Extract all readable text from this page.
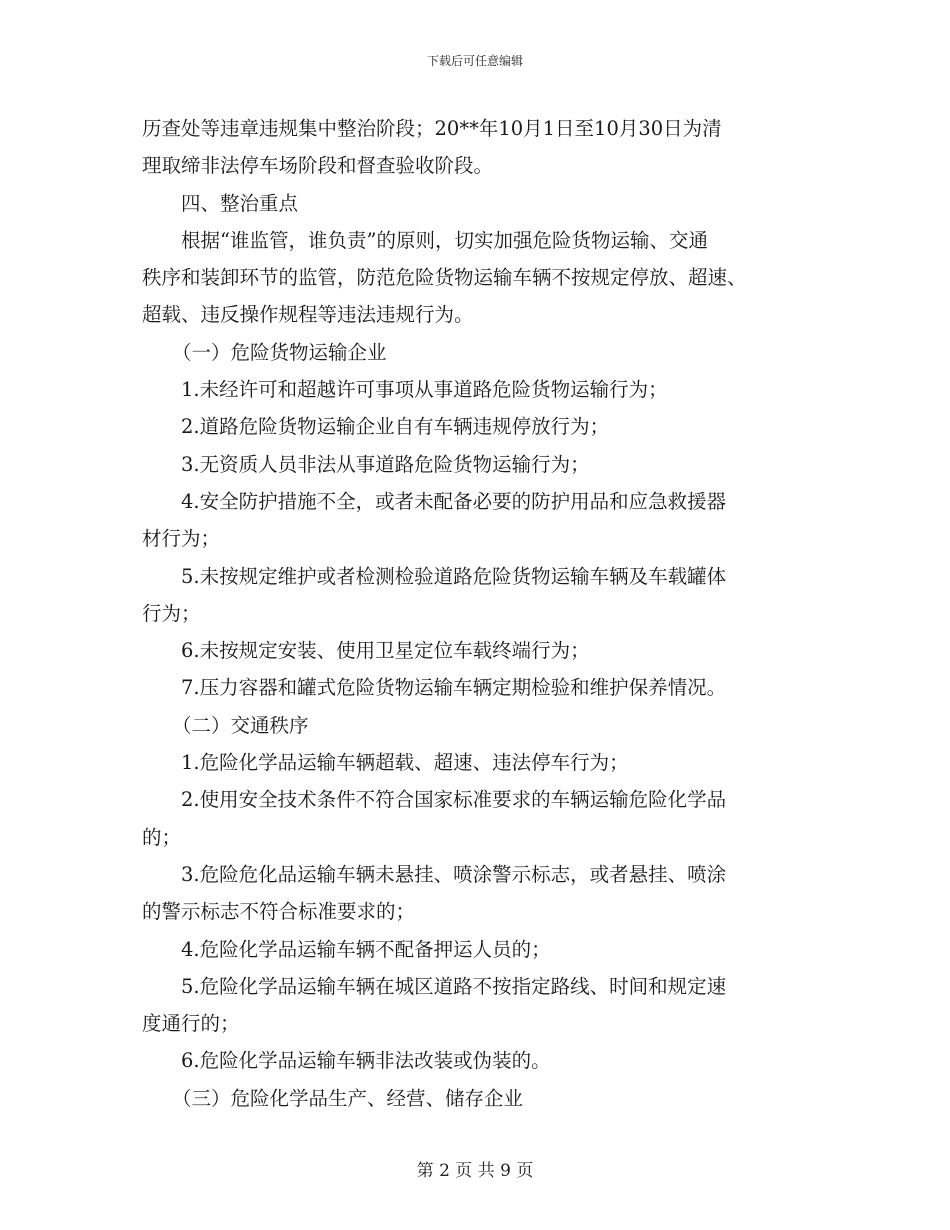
下载后可任意编辑

历查处等违章违规集中整治阶段；20**年10月1日至10月30日为清

理取缔非法停车场阶段和督查验收阶段。

四、整治重点

根据“谁监管，谁负责”的原则，切实加强危险货物运输、交通

秩序和装卸环节的监管，防范危险货物运输车辆不按规定停放、超速、

超载、违反操作规程等违法违规行为。

（一）危险货物运输企业

1.未经许可和超越许可事项从事道路危险货物运输行为；

2.道路危险货物运输企业自有车辆违规停放行为；

3.无资质人员非法从事道路危险货物运输行为；

4.安全防护措施不全，或者未配备必要的防护用品和应急救援器

材行为；

5.未按规定维护或者检测检验道路危险货物运输车辆及车载罐体

行为；

6.未按规定安装、使用卫星定位车载终端行为；

7.压力容器和罐式危险货物运输车辆定期检验和维护保养情况。

（二）交通秩序

1.危险化学品运输车辆超载、超速、违法停车行为；

2.使用安全技术条件不符合国家标准要求的车辆运输危险化学品

的；

3.危险危化品运输车辆未悬挂、喷涂警示标志，或者悬挂、喷涂

的警示标志不符合标准要求的；

4.危险化学品运输车辆不配备押运人员的；

5.危险化学品运输车辆在城区道路不按指定路线、时间和规定速

度通行的；

6.危险化学品运输车辆非法改装或伪装的。

（三）危险化学品生产、经营、储存企业

第 2 页 共 9 页
